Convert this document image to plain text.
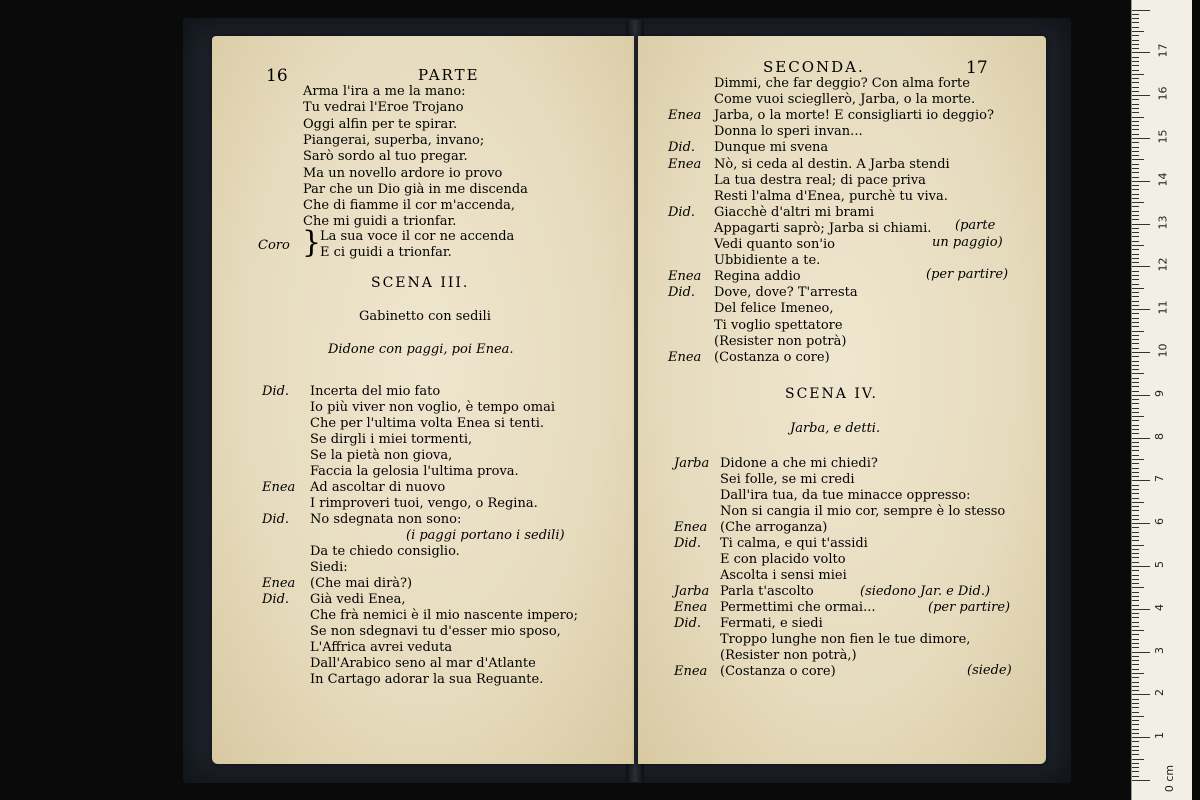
16	PARTE
Arma l'ira a me la mano:
Tu vedrai l'Eroe Trojano
Oggi alfin per te spirar.
Piangerai, superba, invano;
Sarò sordo al tuo pregar.
Ma un novello ardore io provo
Par che un Dio già in me discenda
Che di fiamme il cor m'accenda,
Che mi guidi a trionfar.
Coro }
La sua voce il cor ne accenda
E ci guidi a trionfar.
SCENA III.
Gabinetto con sedili
Didone con paggi, poi Enea.
Did. Incerta del mio fato
Io più viver non voglio, è tempo omai
Che per l'ultima volta Enea si tenti.
Se dirgli i miei tormenti,
Se la pietà non giova,
Faccia la gelosia l'ultima prova.
Enea Ad ascoltar di nuovo
I rimproveri tuoi, vengo, o Regina.
Did. No sdegnata non sono:
(i paggi portano i sedili)
Da te chiedo consiglio.
Siedi:
Enea (Che mai dirà?)
Did. Già vedi Enea,
Che frà nemici è il mio nascente impero;
Se non sdegnavi tu d'esser mio sposo,
L'Affrica avrei veduta
Dall'Arabico seno al mar d'Atlante
In Cartago adorar la sua Reguante.
SECONDA.	17
Dimmi, che far deggio? Con alma forte
Come vuoi sciegllerò, Jarba, o la morte.
Enea Jarba, o la morte! E consigliarti io deggio?
Donna lo speri invan...
Did. Dunque mi svena
Enea Nò, si ceda al destin. A Jarba stendi
La tua destra real; di pace priva
Resti l'alma d'Enea, purchè tu viva.
Did. Giacchè d'altri mi brami
Appagarti saprò; Jarba si chiami.
Vedi quanto son'io
Ubbidiente a te.
Enea Regina addio
Did. Dove, dove? T'arresta
Del felice Imeneo,
Ti voglio spettatore
(Resister non potrà)
Enea (Costanza o core)
(parte
un paggio)
(per partire)
SCENA IV.
Jarba, e detti.
Jarba Didone a che mi chiedi?
Sei folle, se mi credi
Dall'ira tua, da tue minacce oppresso:
Non si cangia il mio cor, sempre è lo stesso
Enea (Che arroganza)
Did. Ti calma, e qui t'assidi
E con placido volto
Ascolta i sensi miei
Jarba Parla t'ascolto
Enea Permettimi che ormai...
Did. Fermati, e siedi
Troppo lunghe non fien le tue dimore,
(Resister non potrà,)
Enea (Costanza o core)
(siedono Jar. e Did.)
(per partire)
(siede)
0 cm
1
2
3
4
5
6
7
8
9
10
11
12
13
14
15
16
17
